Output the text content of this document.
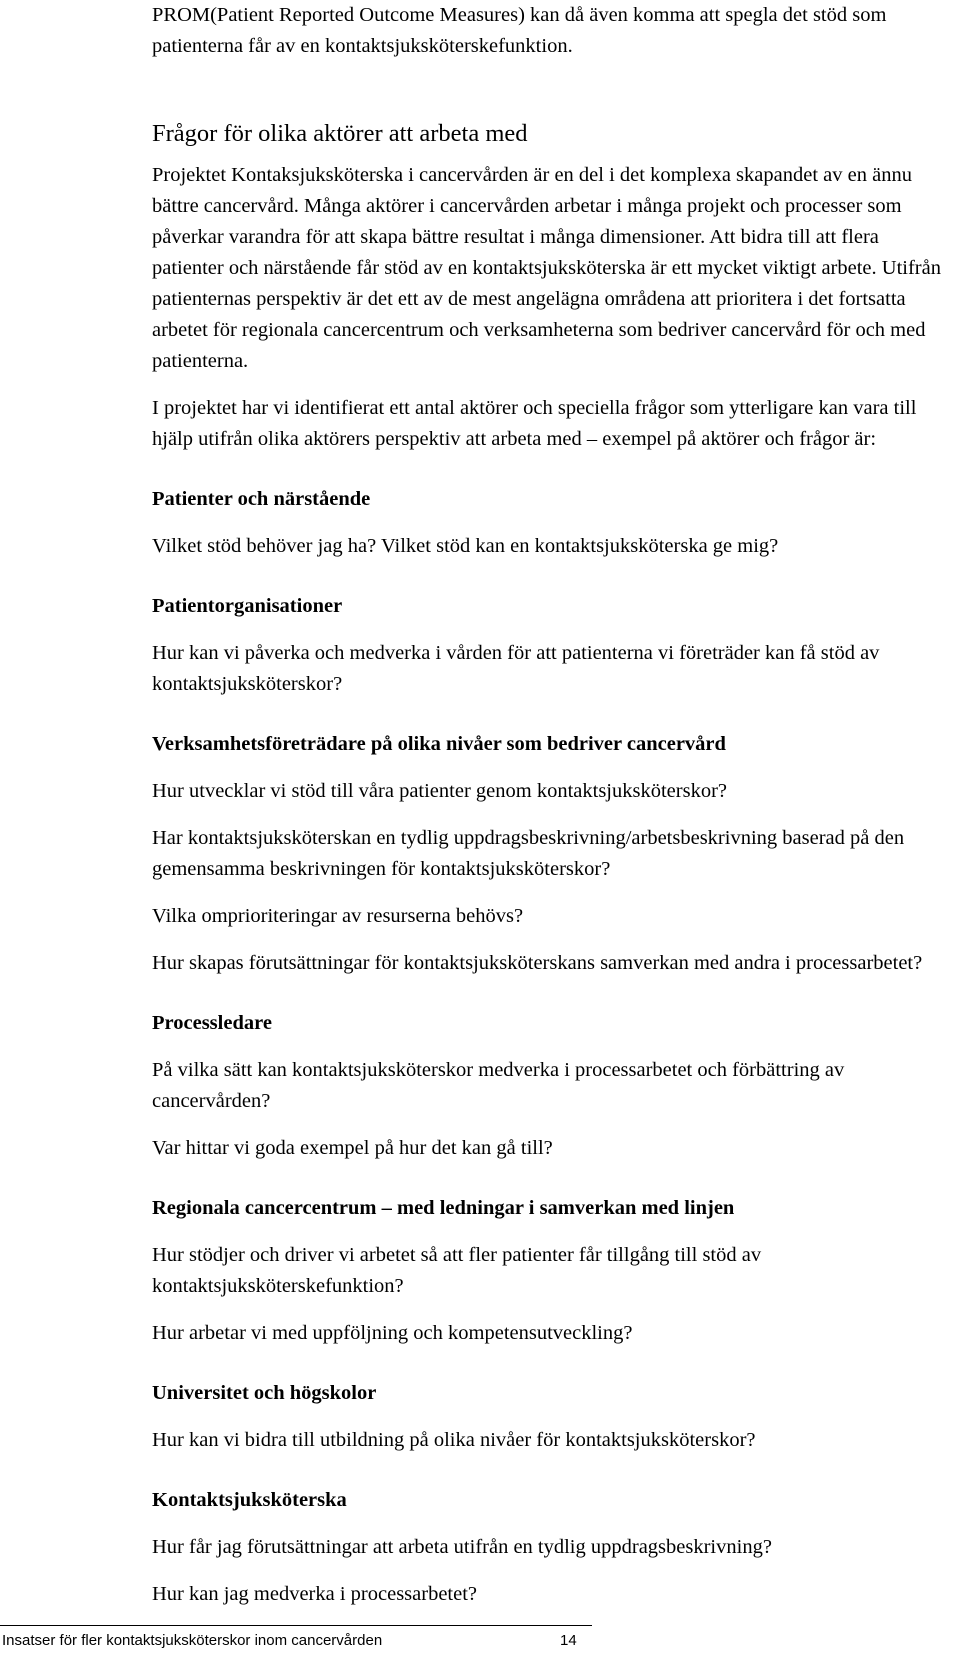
PROM(Patient Reported Outcome Measures) kan då även komma att spegla det stöd som patienterna får av en kontaktsjuksköterskefunktion.

Frågor för olika aktörer att arbeta med

Projektet Kontaksjuksköterska i cancervården är en del i det komplexa skapandet av en ännu bättre cancervård. Många aktörer i cancervården arbetar i många projekt och processer som påverkar varandra för att skapa bättre resultat i många dimensioner. Att bidra till att flera patienter och närstående får stöd av en kontaktsjuksköterska är ett mycket viktigt arbete. Utifrån patienternas perspektiv är det ett av de mest angelägna områdena att prioritera i det fortsatta arbetet för regionala cancercentrum och verksamheterna som bedriver cancervård för och med patienterna.

I projektet har vi identifierat ett antal aktörer och speciella frågor som ytterligare kan vara till hjälp utifrån olika aktörers perspektiv att arbeta med – exempel på aktörer och frågor är:

Patienter och närstående

Vilket stöd behöver jag ha? Vilket stöd kan en kontaktsjuksköterska ge mig?

Patientorganisationer

Hur kan vi påverka och medverka i vården för att patienterna vi företräder kan få stöd av kontaktsjuksköterskor?

Verksamhetsföreträdare på olika nivåer som bedriver cancervård

Hur utvecklar vi stöd till våra patienter genom kontaktsjuksköterskor?

Har kontaktsjuksköterskan en tydlig uppdragsbeskrivning/arbetsbeskrivning baserad på den gemensamma beskrivningen för kontaktsjuksköterskor?

Vilka omprioriteringar av resurserna behövs?

Hur skapas förutsättningar för kontaktsjuksköterskans samverkan med andra i processarbetet?

Processledare

På vilka sätt kan kontaktsjuksköterskor medverka i processarbetet och förbättring av cancervården?

Var hittar vi goda exempel på hur det kan gå till?

Regionala cancercentrum – med ledningar i samverkan med linjen

Hur stödjer och driver vi arbetet så att fler patienter får tillgång till stöd av kontaktsjuksköterskefunktion?

Hur arbetar vi med uppföljning och kompetensutveckling?

Universitet och högskolor

Hur kan vi bidra till utbildning på olika nivåer för kontaktsjuksköterskor?

Kontaktsjuksköterska

Hur får jag förutsättningar att arbeta utifrån en tydlig uppdragsbeskrivning?

Hur kan jag medverka i processarbetet?

Insatser för fler kontaktsjuksköterskor inom cancervården	14
